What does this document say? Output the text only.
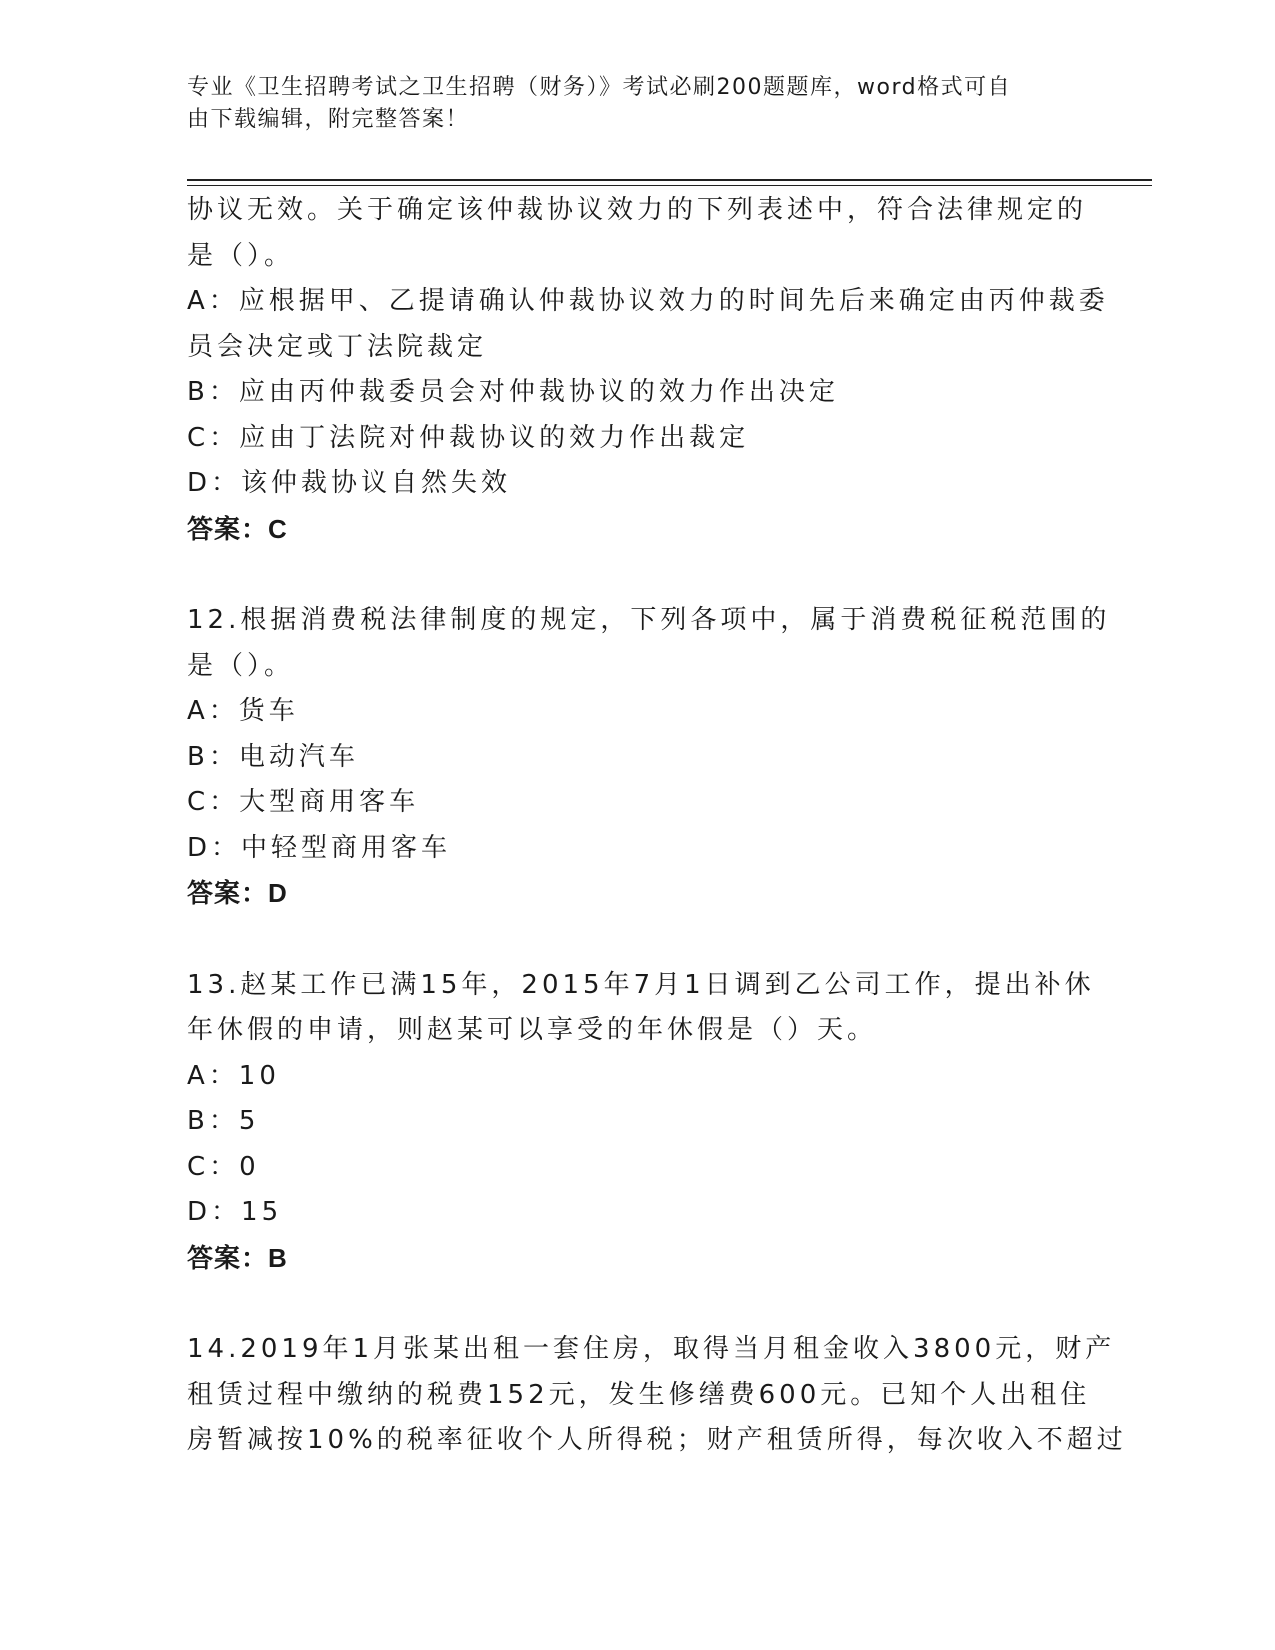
专业《卫生招聘考试之卫生招聘（财务）》考试必刷200题题库，word格式可自
由下载编辑，附完整答案！
协议无效。关于确定该仲裁协议效力的下列表述中，符合法律规定的
是（）。
A：应根据甲、乙提请确认仲裁协议效力的时间先后来确定由丙仲裁委
员会决定或丁法院裁定
B：应由丙仲裁委员会对仲裁协议的效力作出决定
C：应由丁法院对仲裁协议的效力作出裁定
D：该仲裁协议自然失效
答案：C
12.根据消费税法律制度的规定，下列各项中，属于消费税征税范围的
是（）。
A：货车
B：电动汽车
C：大型商用客车
D：中轻型商用客车
答案：D
13.赵某工作已满15年，2015年7月1日调到乙公司工作，提出补休
年休假的申请，则赵某可以享受的年休假是（）天。
A：10
B：5
C：0
D：15
答案：B
14.2019年1月张某出租一套住房，取得当月租金收入3800元，财产
租赁过程中缴纳的税费152元，发生修缮费600元。已知个人出租住
房暂减按10%的税率征收个人所得税；财产租赁所得，每次收入不超过
